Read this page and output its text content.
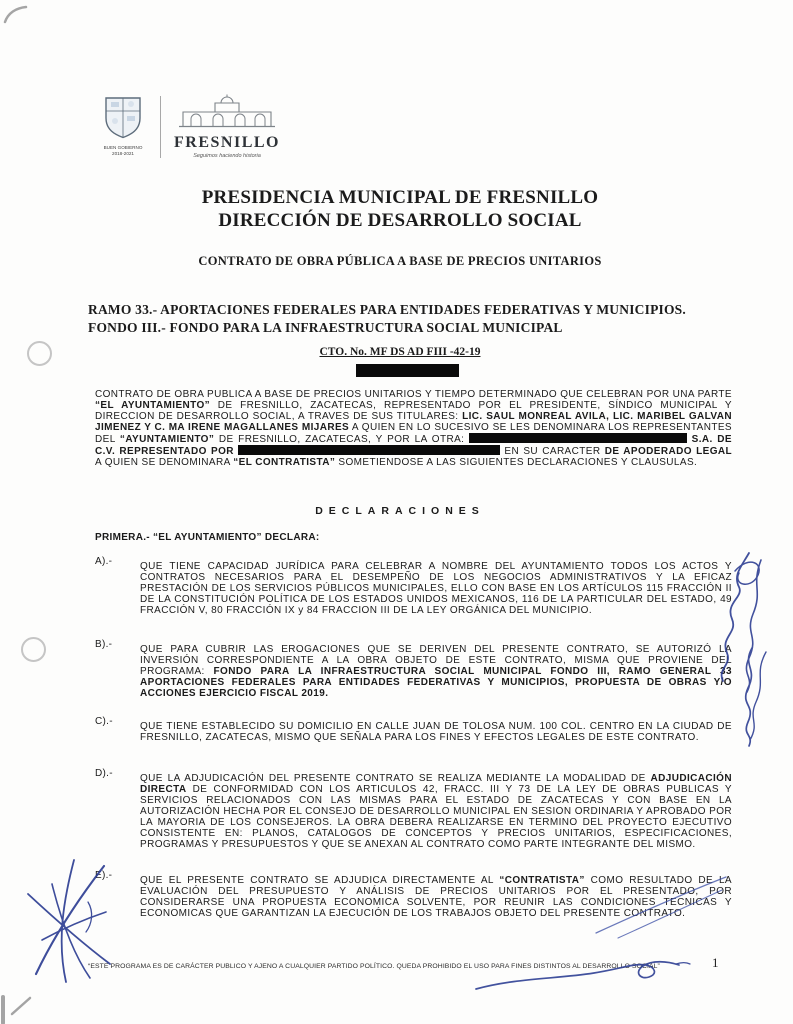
BUEN GOBIERNO
2018-2021
FRESNILLO
Seguimos haciendo historia
PRESIDENCIA MUNICIPAL DE FRESNILLO
DIRECCIÓN DE DESARROLLO SOCIAL
CONTRATO DE OBRA PÚBLICA A BASE DE PRECIOS UNITARIOS
RAMO 33.- APORTACIONES FEDERALES PARA ENTIDADES FEDERATIVAS Y MUNICIPIOS.
FONDO III.- FONDO PARA LA INFRAESTRUCTURA SOCIAL MUNICIPAL
CTO. No. MF DS AD FIII -42-19

CONTRATO DE OBRA PUBLICA A BASE DE PRECIOS UNITARIOS Y TIEMPO DETERMINADO QUE CELEBRAN POR UNA PARTE “EL AYUNTAMIENTO” DE FRESNILLO, ZACATECAS, REPRESENTADO POR EL PRESIDENTE, SÍNDICO MUNICIPAL Y DIRECCION DE DESARROLLO SOCIAL, A TRAVES DE SUS TITULARES: LIC. SAUL MONREAL AVILA, LIC. MARIBEL GALVAN JIMENEZ Y C. MA IRENE MAGALLANES MIJARES A QUIEN EN LO SUCESIVO SE LES DENOMINARA LOS REPRESENTANTES DEL “AYUNTAMIENTO” DE FRESNILLO, ZACATECAS, Y POR LA OTRA:	S.A. DE C.V. REPRESENTADO POR	EN SU CARACTER DE APODERADO LEGAL A QUIEN SE DENOMINARA “EL CONTRATISTA” SOMETIENDOSE A LAS SIGUIENTES DECLARACIONES Y CLAUSULAS.

DECLARACIONES
PRIMERA.- “EL AYUNTAMIENTO” DECLARA:
A).-	QUE TIENE CAPACIDAD JURÍDICA PARA CELEBRAR A NOMBRE DEL AYUNTAMIENTO TODOS LOS ACTOS Y CONTRATOS NECESARIOS PARA EL DESEMPEÑO DE LOS NEGOCIOS ADMINISTRATIVOS Y LA EFICAZ PRESTACIÓN DE LOS SERVICIOS PÚBLICOS MUNICIPALES, ELLO CON BASE EN LOS ARTÍCULOS 115 FRACCIÓN II DE LA CONSTITUCIÓN POLÍTICA DE LOS ESTADOS UNIDOS MEXICANOS, 116 DE LA PARTICULAR DEL ESTADO, 49 FRACCIÓN V, 80 FRACCIÓN IX y 84 FRACCION III DE LA LEY ORGÁNICA DEL MUNICIPIO.
B).-	QUE PARA CUBRIR LAS EROGACIONES QUE SE DERIVEN DEL PRESENTE CONTRATO, SE AUTORIZÓ LA INVERSIÓN CORRESPONDIENTE A LA OBRA OBJETO DE ESTE CONTRATO, MISMA QUE PROVIENE DEL PROGRAMA: FONDO PARA LA INFRAESTRUCTURA SOCIAL MUNICIPAL FONDO III, RAMO GENERAL 33 APORTACIONES FEDERALES PARA ENTIDADES FEDERATIVAS Y MUNICIPIOS, PROPUESTA DE OBRAS Y/O ACCIONES EJERCICIO FISCAL 2019.
C).-	QUE TIENE ESTABLECIDO SU DOMICILIO EN CALLE JUAN DE TOLOSA NUM. 100 COL. CENTRO EN LA CIUDAD DE FRESNILLO, ZACATECAS, MISMO QUE SEÑALA PARA LOS FINES Y EFECTOS LEGALES DE ESTE CONTRATO.
D).-	QUE LA ADJUDICACIÓN DEL PRESENTE CONTRATO SE REALIZA MEDIANTE LA MODALIDAD DE ADJUDICACIÓN DIRECTA DE CONFORMIDAD CON LOS ARTICULOS 42, FRACC. III Y 73 DE LA LEY DE OBRAS PUBLICAS Y SERVICIOS RELACIONADOS CON LAS MISMAS PARA EL ESTADO DE ZACATECAS Y CON BASE EN LA AUTORIZACIÓN HECHA POR EL CONSEJO DE DESARROLLO MUNICIPAL EN SESION ORDINARIA Y APROBADO POR LA MAYORIA DE LOS CONSEJEROS. LA OBRA DEBERA REALIZARSE EN TERMINO DEL PROYECTO EJECUTIVO CONSISTENTE EN: PLANOS, CATALOGOS DE CONCEPTOS Y PRECIOS UNITARIOS, ESPECIFICACIONES, PROGRAMAS Y PRESUPUESTOS Y QUE SE ANEXAN AL CONTRATO COMO PARTE INTEGRANTE DEL MISMO.
E).-	QUE EL PRESENTE CONTRATO SE ADJUDICA DIRECTAMENTE AL “CONTRATISTA” COMO RESULTADO DE LA EVALUACIÓN DEL PRESUPUESTO Y ANÁLISIS DE PRECIOS UNITARIOS POR EL PRESENTADO, POR CONSIDERARSE UNA PROPUESTA ECONOMICA SOLVENTE, POR REUNIR LAS CONDICIONES TECNICAS Y ECONOMICAS QUE GARANTIZAN LA EJECUCIÓN DE LOS TRABAJOS OBJETO DEL PRESENTE CONTRATO.
“ESTE PROGRAMA ES DE CARÁCTER PUBLICO Y AJENO A CUALQUIER PARTIDO POLÍTICO. QUEDA PROHIBIDO EL USO PARA FINES DISTINTOS AL DESARROLLO SOCIAL”	1
